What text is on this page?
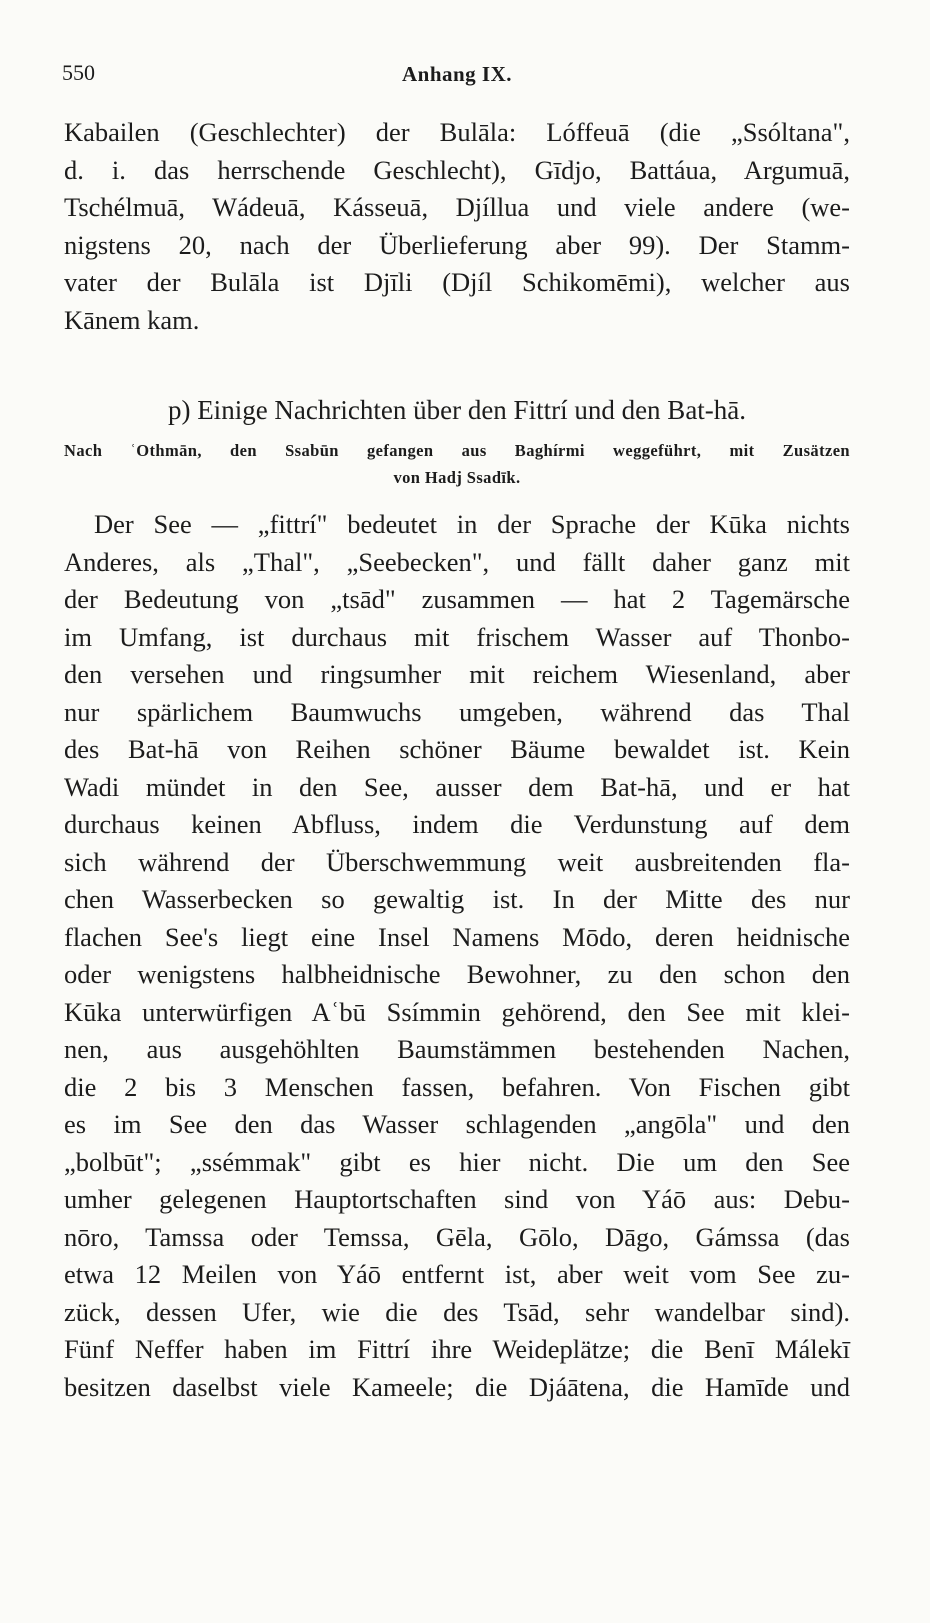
550	Anhang IX.
Kabailen (Geschlechter) der Bulāla: Lóffeuā (die „Ssóltana",
d. i. das herrschende Geschlecht), Gīdjo, Battáua, Argumuā,
Tschélmuā, Wádeuā, Kásseuā, Djíllua und viele andere (we-
nigstens 20, nach der Überlieferung aber 99). Der Stamm-
vater der Bulāla ist Djīli (Djíl Schikomēmi), welcher aus
Kānem kam.
p) Einige Nachrichten über den Fittrí und den Bat-hā.
Nach ʿOthmān, den Ssabūn gefangen aus Baghírmi weggeführt, mit Zusätzen
von Hadj Ssadīk.
Der See — „fittrí" bedeutet in der Sprache der Kūka nichts
Anderes, als „Thal", „Seebecken", und fällt daher ganz mit
der Bedeutung von „tsād" zusammen — hat 2 Tagemärsche
im Umfang, ist durchaus mit frischem Wasser auf Thonbo-
den versehen und ringsumher mit reichem Wiesenland, aber
nur spärlichem Baumwuchs umgeben, während das Thal
des Bat-hā von Reihen schöner Bäume bewaldet ist. Kein
Wadi mündet in den See, ausser dem Bat-hā, und er hat
durchaus keinen Abfluss, indem die Verdunstung auf dem
sich während der Überschwemmung weit ausbreitenden fla-
chen Wasserbecken so gewaltig ist. In der Mitte des nur
flachen See's liegt eine Insel Namens Mōdo, deren heidnische
oder wenigstens halbheidnische Bewohner, zu den schon den
Kūka unterwürfigen Aʿbū Ssímmin gehörend, den See mit klei-
nen, aus ausgehöhlten Baumstämmen bestehenden Nachen,
die 2 bis 3 Menschen fassen, befahren. Von Fischen gibt
es im See den das Wasser schlagenden „angōla" und den
„bolbūt"; „ssémmak" gibt es hier nicht. Die um den See
umher gelegenen Hauptortschaften sind von Yáō aus: Debu-
nōro, Tamssa oder Temssa, Gēla, Gōlo, Dāgo, Gámssa (das
etwa 12 Meilen von Yáō entfernt ist, aber weit vom See zu-
zück, dessen Ufer, wie die des Tsād, sehr wandelbar sind).
Fünf Neffer haben im Fittrí ihre Weideplätze; die Benī Málekī
besitzen daselbst viele Kameele; die Djáātena, die Hamīde und
